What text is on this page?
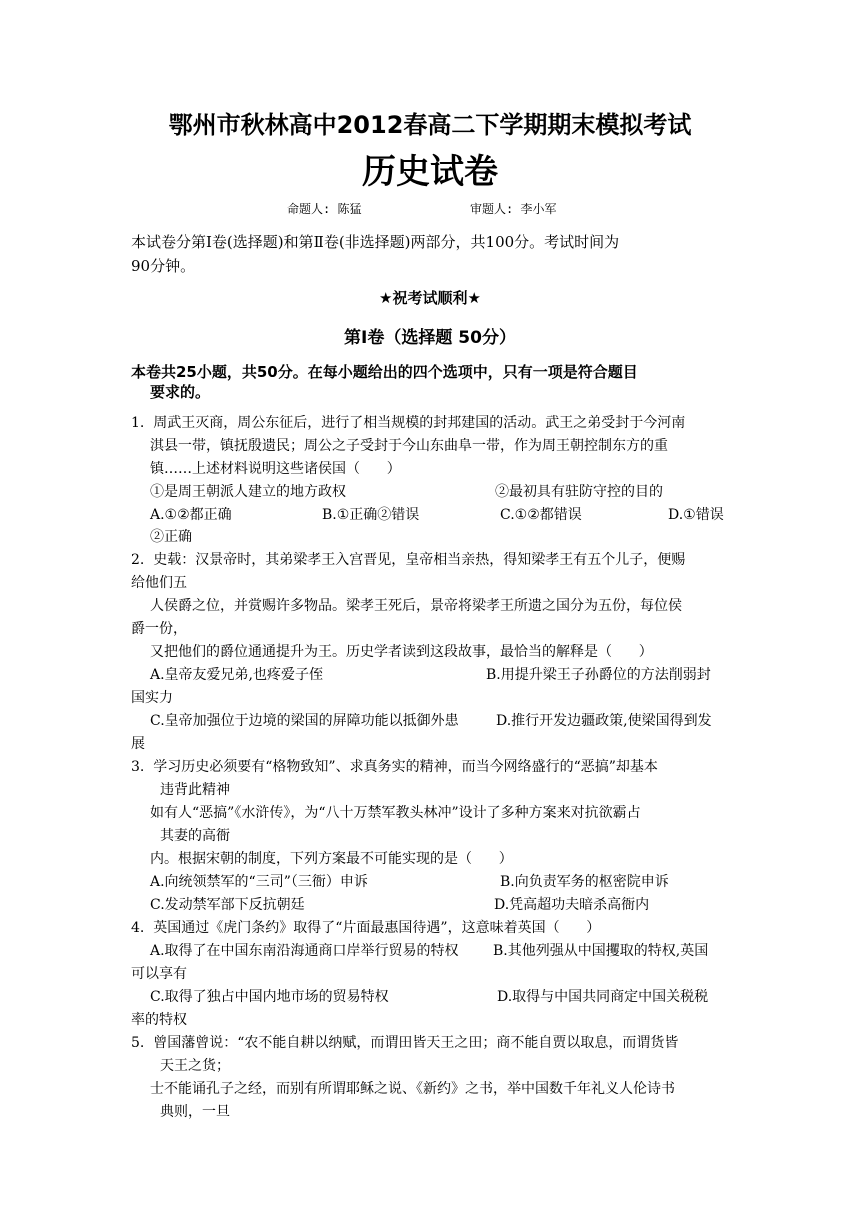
鄂州市秋林高中2012春高二下学期期末模拟考试
历史试卷
命题人: 陈猛	审题人: 李小军
本试卷分第Ⅰ卷(选择题)和第Ⅱ卷(非选择题)两部分，共100分。考试时间为
90分钟。
★祝考试顺利★
第Ⅰ卷（选择题 50分）
本卷共25小题，共50分。在每小题给出的四个选项中，只有一项是符合题目
要求的。
1.  周武王灭商，周公东征后，进行了相当规模的封邦建国的活动。武王之弟受封于今河南
淇县一带，镇抚殷遗民；周公之子受封于今山东曲阜一带，作为周王朝控制东方的重
镇……上述材料说明这些诸侯国（      ）
①是周王朝派人建立的地方政权	②最初具有驻防守控的目的
A.①②都正确	B.①正确②错误	C.①②都错误	D.①错误
②正确
2.  史载：汉景帝时，其弟梁孝王入宫晋见，皇帝相当亲热，得知梁孝王有五个儿子，便赐
给他们五
人侯爵之位，并赏赐许多物品。梁孝王死后，景帝将梁孝王所遗之国分为五份，每位侯
爵一份，
又把他们的爵位通通提升为王。历史学者读到这段故事，最恰当的解释是（      ）
A.皇帝友爱兄弟,也疼爱子侄	B.用提升梁王子孙爵位的方法削弱封
国实力
C.皇帝加强位于边境的梁国的屏障功能以抵御外患	D.推行开发边疆政策,使梁国得到发
展
3.  学习历史必须要有“格物致知”、求真务实的精神，而当今网络盛行的“恶搞”却基本
违背此精神
如有人“恶搞”《水浒传》，为“八十万禁军教头林冲”设计了多种方案来对抗欲霸占
其妻的高衙
内。根据宋朝的制度，下列方案最不可能实现的是（      ）
A.向统领禁军的“三司”（三衙）申诉	B.向负责军务的枢密院申诉
C.发动禁军部下反抗朝廷	D.凭高超功夫暗杀高衙内
4.  英国通过《虎门条约》取得了“片面最惠国待遇”，这意味着英国（      ）
A.取得了在中国东南沿海通商口岸举行贸易的特权 B.其他列强从中国攫取的特权,英国
可以享有
C.取得了独占中国内地市场的贸易特权	D.取得与中国共同商定中国关税税
率的特权
5.  曾国藩曾说：“农不能自耕以纳赋，而谓田皆天王之田；商不能自贾以取息，而谓货皆
天王之货；
士不能诵孔子之经，而别有所谓耶稣之说、《新约》之书，举中国数千年礼义人伦诗书
典则，一旦
